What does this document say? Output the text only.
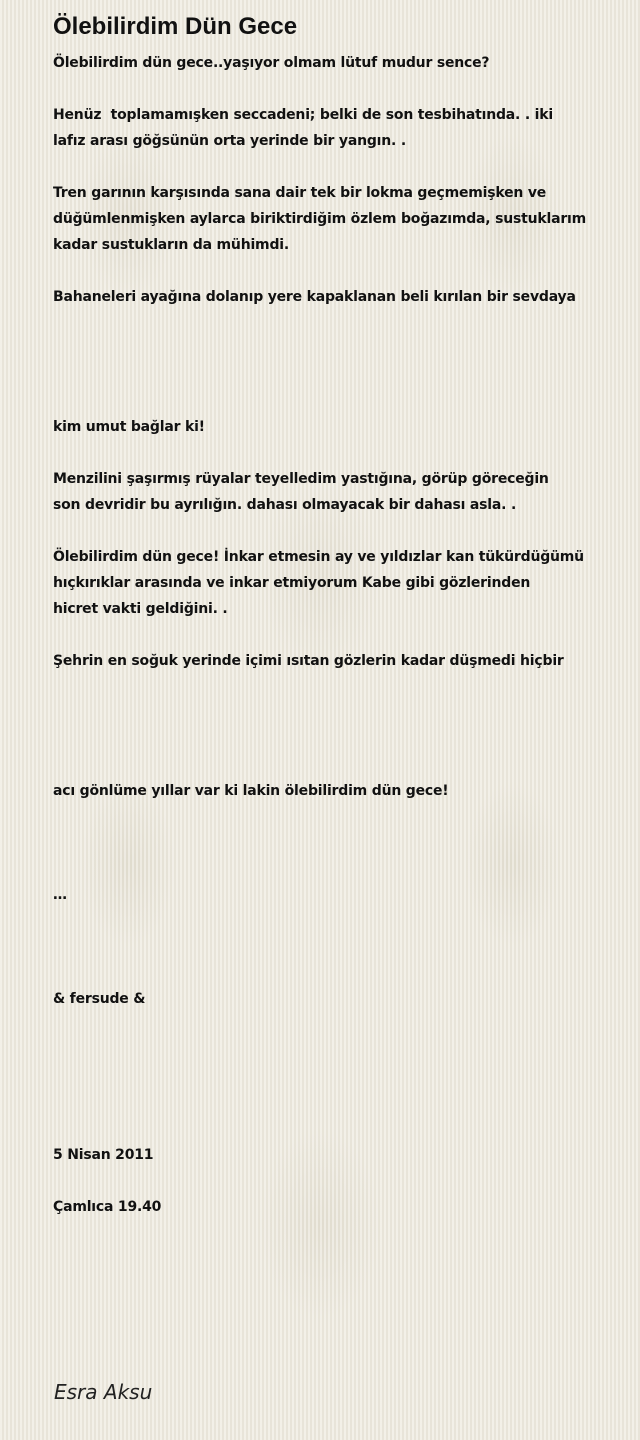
Ölebilirdim Dün Gece
Ölebilirdim dün gece..yaşıyor olmam lütuf mudur sence?
Henüz  toplamamışken seccadeni; belki de son tesbihatında. . iki
lafız arası göğsünün orta yerinde bir yangın. .
Tren garının karşısında sana dair tek bir lokma geçmemişken ve
düğümlenmişken aylarca biriktirdiğim özlem boğazımda, sustuklarım
kadar sustukların da mühimdi.
Bahaneleri ayağına dolanıp yere kapaklanan beli kırılan bir sevdaya
kim umut bağlar ki!
Menzilini şaşırmış rüyalar teyelledim yastığına, görüp göreceğin
son devridir bu ayrılığın. dahası olmayacak bir dahası asla. .
Ölebilirdim dün gece! İnkar etmesin ay ve yıldızlar kan tükürdüğümü
hıçkırıklar arasında ve inkar etmiyorum Kabe gibi gözlerinden
hicret vakti geldiğini. .
Şehrin en soğuk yerinde içimi ısıtan gözlerin kadar düşmedi hiçbir
acı gönlüme yıllar var ki lakin ölebilirdim dün gece!
…
& fersude &
5 Nisan 2011
Çamlıca 19.40
Esra Aksu
